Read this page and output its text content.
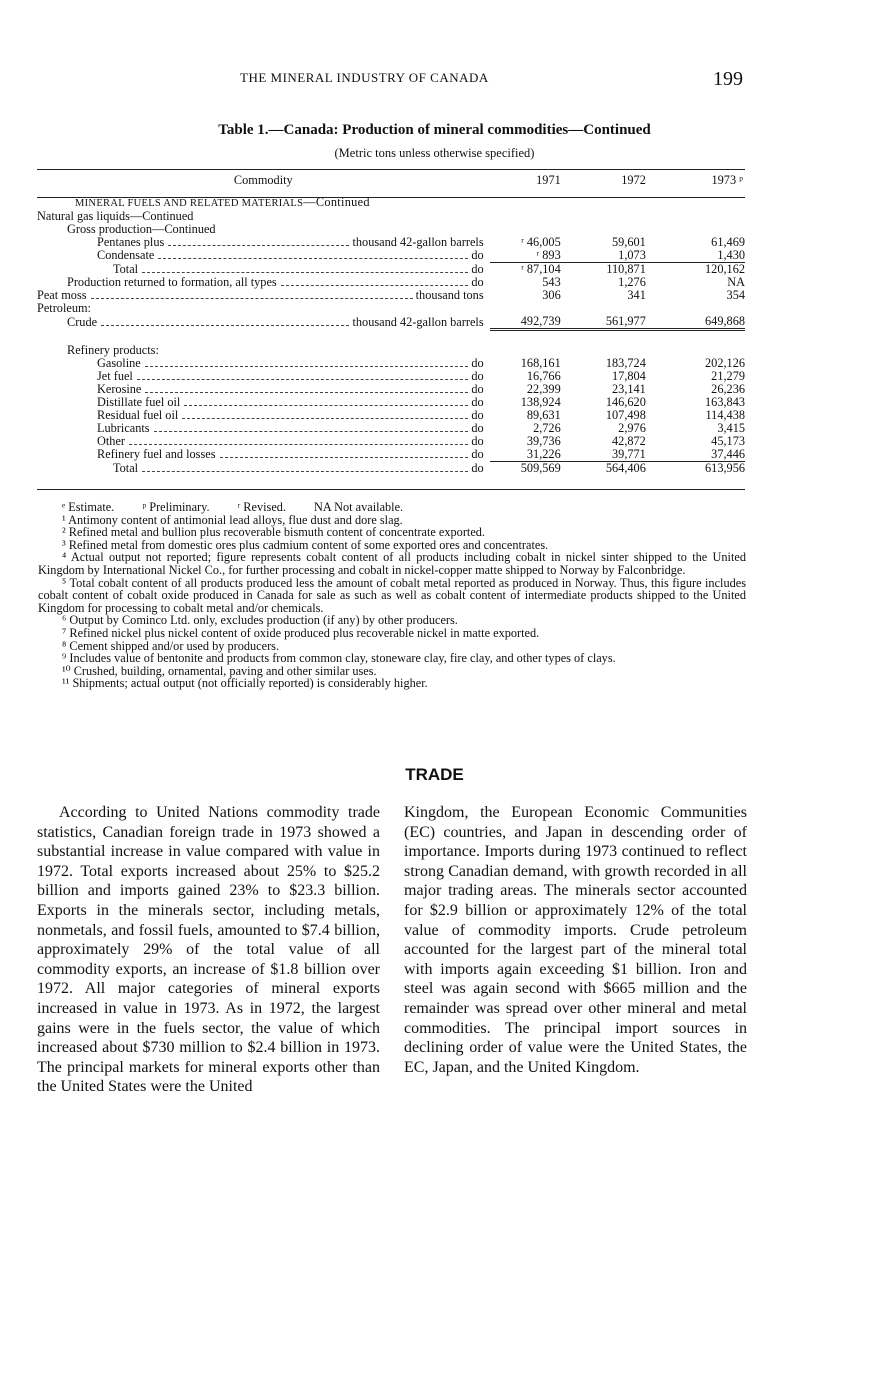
THE MINERAL INDUSTRY OF CANADA	199
Table 1.—Canada: Production of mineral commodities—Continued
(Metric tons unless otherwise specified)
Commodity	1971	1972	1973 ᵖ
MINERAL FUELS AND RELATED MATERIALS—Continued			

Natural gas liquids—Continued			

Gross production—Continued			

Pentanes plus thousand 42-gallon barrels	ʳ 46,005	59,601	61,469

Condensate do	ʳ 893	1,073	1,430

Total do	ʳ 87,104	110,871	120,162

Production returned to formation, all types do	543	1,276	NA

Peat moss thousand tons	306	341	354

Petroleum:			

Crude thousand 42-gallon barrels	492,739	561,977	649,868

Refinery products:			

Gasoline do	168,161	183,724	202,126

Jet fuel do	16,766	17,804	21,279

Kerosine do	22,399	23,141	26,236

Distillate fuel oil do	138,924	146,620	163,843

Residual fuel oil do	89,631	107,498	114,438

Lubricants do	2,726	2,976	3,415

Other do	39,736	42,872	45,173

Refinery fuel and losses do	31,226	39,771	37,446

Total do	509,569	564,406	613,956

ᵉ Estimate. ᵖ Preliminary. ʳ Revised. NA Not available.

¹ Antimony content of antimonial lead alloys, flue dust and dore slag.

² Refined metal and bullion plus recoverable bismuth content of concentrate exported.

³ Refined metal from domestic ores plus cadmium content of some exported ores and concentrates.

⁴ Actual output not reported; figure represents cobalt content of all products including cobalt in nickel sinter shipped to the United Kingdom by International Nickel Co., for further processing and cobalt in nickel-copper matte shipped to Norway by Falconbridge.

⁵ Total cobalt content of all products produced less the amount of cobalt metal reported as produced in Norway. Thus, this figure includes cobalt content of cobalt oxide produced in Canada for sale as such as well as cobalt content of intermediate products shipped to the United Kingdom for processing to cobalt metal and/or chemicals.

⁶ Output by Cominco Ltd. only, excludes production (if any) by other producers.

⁷ Refined nickel plus nickel content of oxide produced plus recoverable nickel in matte exported.

⁸ Cement shipped and/or used by producers.

⁹ Includes value of bentonite and products from common clay, stoneware clay, fire clay, and other types of clays.

¹⁰ Crushed, building, ornamental, paving and other similar uses.

¹¹ Shipments; actual output (not officially reported) is considerably higher.

TRADE

According to United Nations commodity trade statistics, Canadian foreign trade in 1973 showed a substantial increase in value compared with value in 1972. Total exports increased about 25% to $25.2 billion and imports gained 23% to $23.3 billion. Exports in the minerals sector, including metals, nonmetals, and fossil fuels, amounted to $7.4 billion, approximately 29% of the total value of all commodity exports, an increase of $1.8 billion over 1972. All major categories of mineral exports increased in value in 1973. As in 1972, the largest gains were in the fuels sector, the value of which increased about $730 million to $2.4 billion in 1973. The principal markets for mineral exports other than the United States were the United

Kingdom, the European Economic Communities (EC) countries, and Japan in descending order of importance. Imports during 1973 continued to reflect strong Canadian demand, with growth recorded in all major trading areas. The minerals sector accounted for $2.9 billion or approximately 12% of the total value of commodity imports. Crude petroleum accounted for the largest part of the mineral total with imports again exceeding $1 billion. Iron and steel was again second with $665 million and the remainder was spread over other mineral and metal commodities. The principal import sources in declining order of value were the United States, the EC, Japan, and the United Kingdom.
